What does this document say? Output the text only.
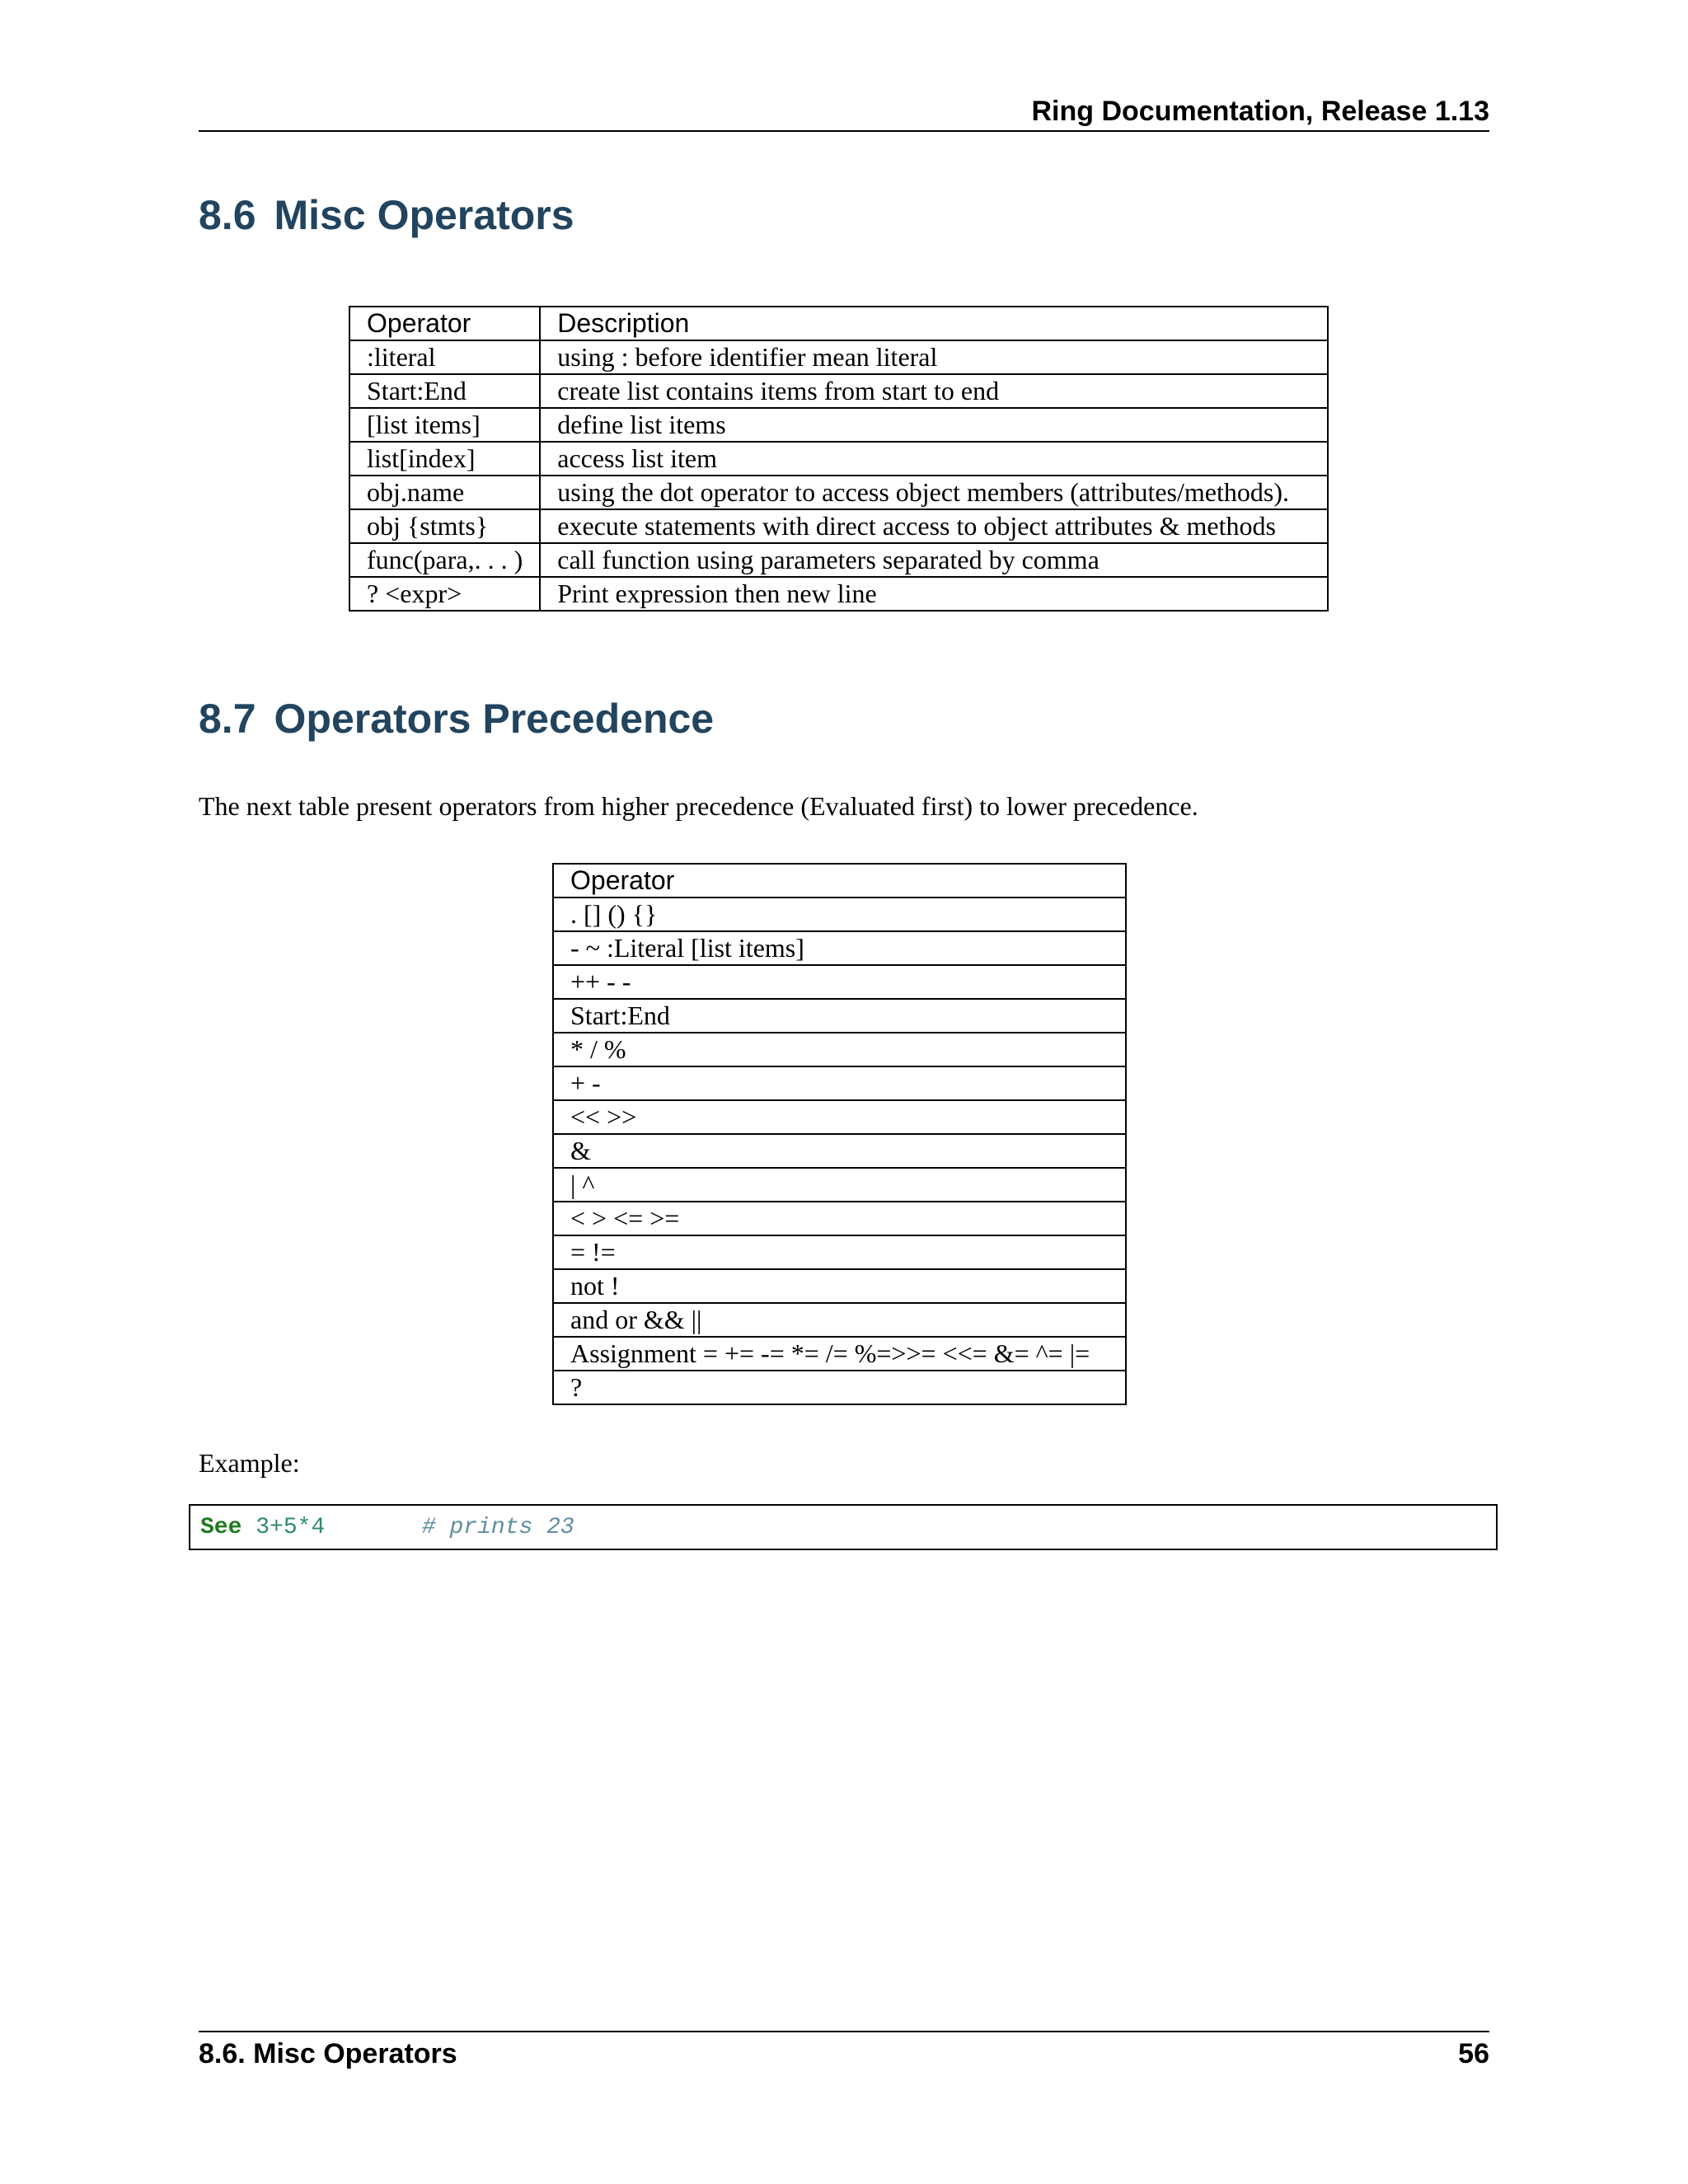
Ring Documentation, Release 1.13
8.6 Misc Operators
Operator	Description
:literal	using : before identifier mean literal
Start:End	create list contains items from start to end
[list items]	define list items
list[index]	access list item
obj.name	using the dot operator to access object members (attributes/methods).
obj {stmts}	execute statements with direct access to object attributes & methods
func(para,. . . )	call function using parameters separated by comma
? <expr>	Print expression then new line
8.7 Operators Precedence

The next table present operators from higher precedence (Evaluated first) to lower precedence.

Operator
. [] () {}
- ~ :Literal [list items]
++ - -
Start:End
* / %
+ -
<< >>
&
| ^
< > <= >=
= !=
not !
and or && ||
Assignment = += -= *= /= %=>>= <<= &= ^= |=
?

Example:

See 3+5*4	# prints 23
8.6. Misc Operators	56
